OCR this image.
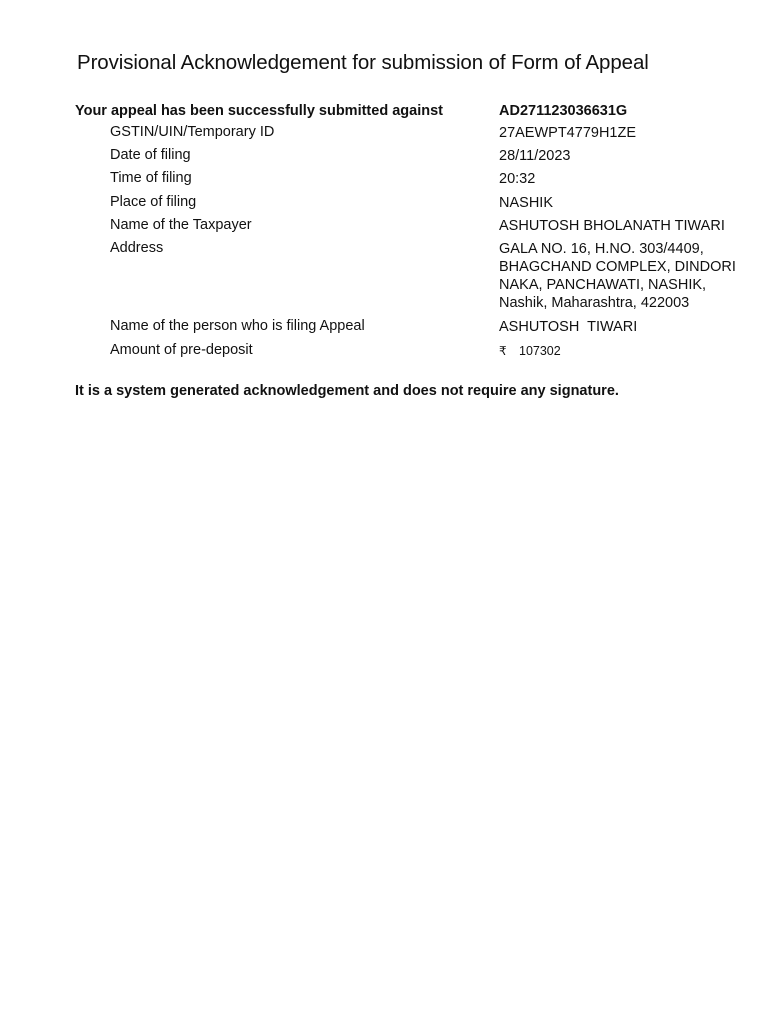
Provisional Acknowledgement for submission of Form of Appeal
Your appeal has been successfully submitted against	AD271123036631G
GSTIN/UIN/Temporary ID	27AEWPT4779H1ZE
Date of filing	28/11/2023
Time of filing	20:32
Place of filing	NASHIK
Name of the Taxpayer	ASHUTOSH BHOLANATH TIWARI
Address	GALA NO. 16, H.NO. 303/4409,
BHAGCHAND COMPLEX, DINDORI
NAKA, PANCHAWATI, NASHIK,
Nashik, Maharashtra, 422003
Name of the person who is filing Appeal	ASHUTOSH  TIWARI
Amount of pre-deposit	₹ 107302
It is a system generated acknowledgement and does not require any signature.
